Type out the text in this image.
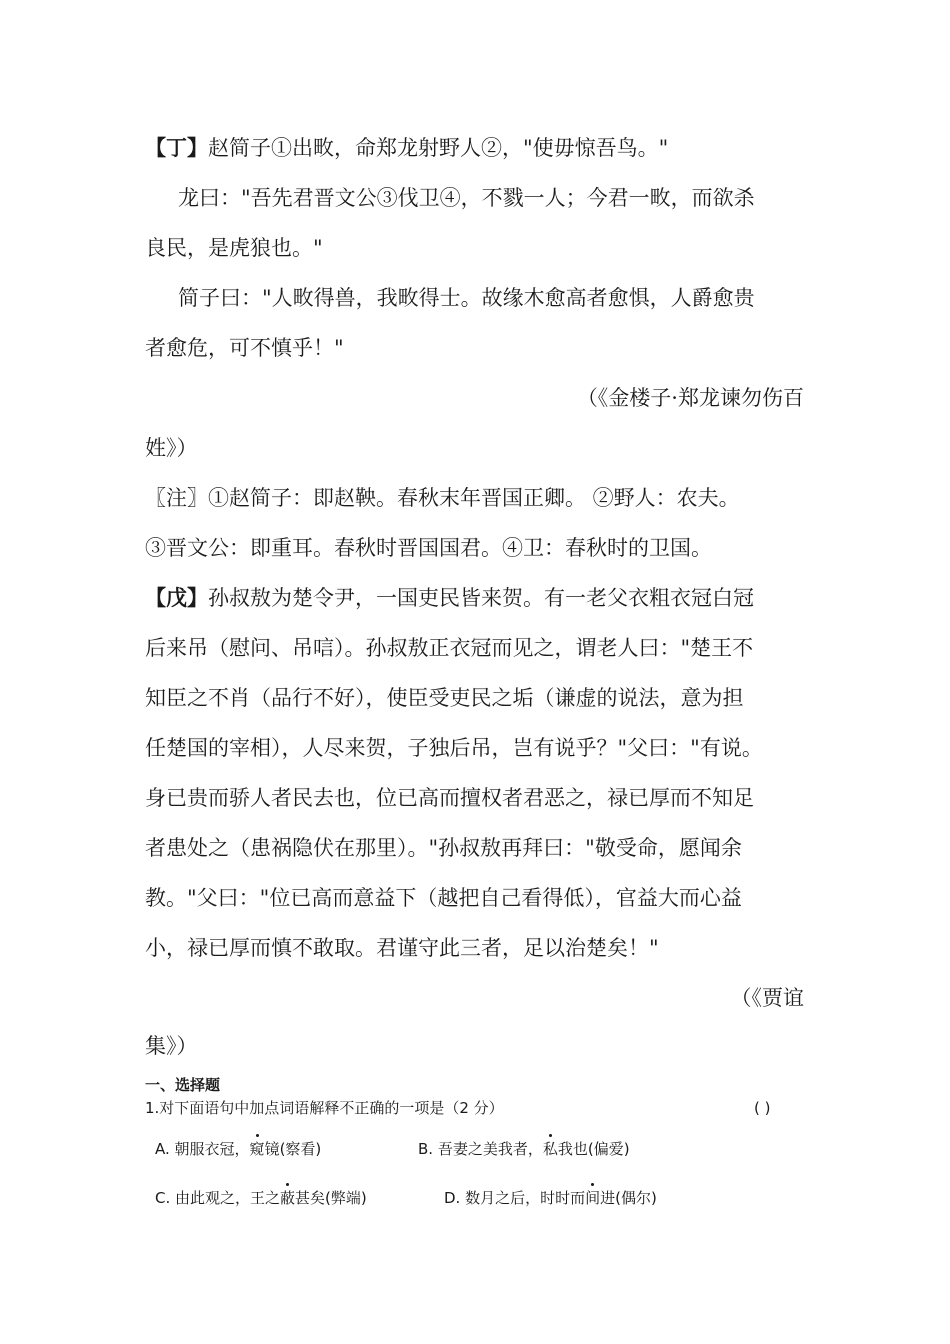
【丁】赵简子①出畋，命郑龙射野人②，"使毋惊吾鸟。"
龙曰："吾先君晋文公③伐卫④，不戮一人；今君一畋，而欲杀
良民，是虎狼也。"
简子曰："人畋得兽，我畋得士。故缘木愈高者愈惧，人爵愈贵
者愈危，可不慎乎！"
（《金楼子·郑龙谏勿伤百
姓》）
〖注〗①赵简子：即赵鞅。春秋末年晋国正卿。 ②野人：农夫。
③晋文公：即重耳。春秋时晋国国君。④卫：春秋时的卫国。
【戊】孙叔敖为楚令尹，一国吏民皆来贺。有一老父衣粗衣冠白冠
后来吊（慰问、吊唁）。孙叔敖正衣冠而见之，谓老人曰："楚王不
知臣之不肖（品行不好），使臣受吏民之垢（谦虚的说法，意为担
任楚国的宰相），人尽来贺，子独后吊，岂有说乎？"父曰："有说。
身已贵而骄人者民去也，位已高而擅权者君恶之，禄已厚而不知足
者患处之（患祸隐伏在那里）。"孙叔敖再拜曰："敬受命，愿闻余
教。"父曰："位已高而意益下（越把自己看得低），官益大而心益
小，禄已厚而慎不敢取。君谨守此三者，足以治楚矣！"
（《贾谊
集》）
一、选择题
1.对下面语句中加点词语解释不正确的一项是（2 分）	( )
A. 朝服衣冠，窥镜(察看)	B. 吾妻之美我者，私我也(偏爱)
C. 由此观之，王之蔽甚矣(弊端)	D. 数月之后，时时而间进(偶尔)
